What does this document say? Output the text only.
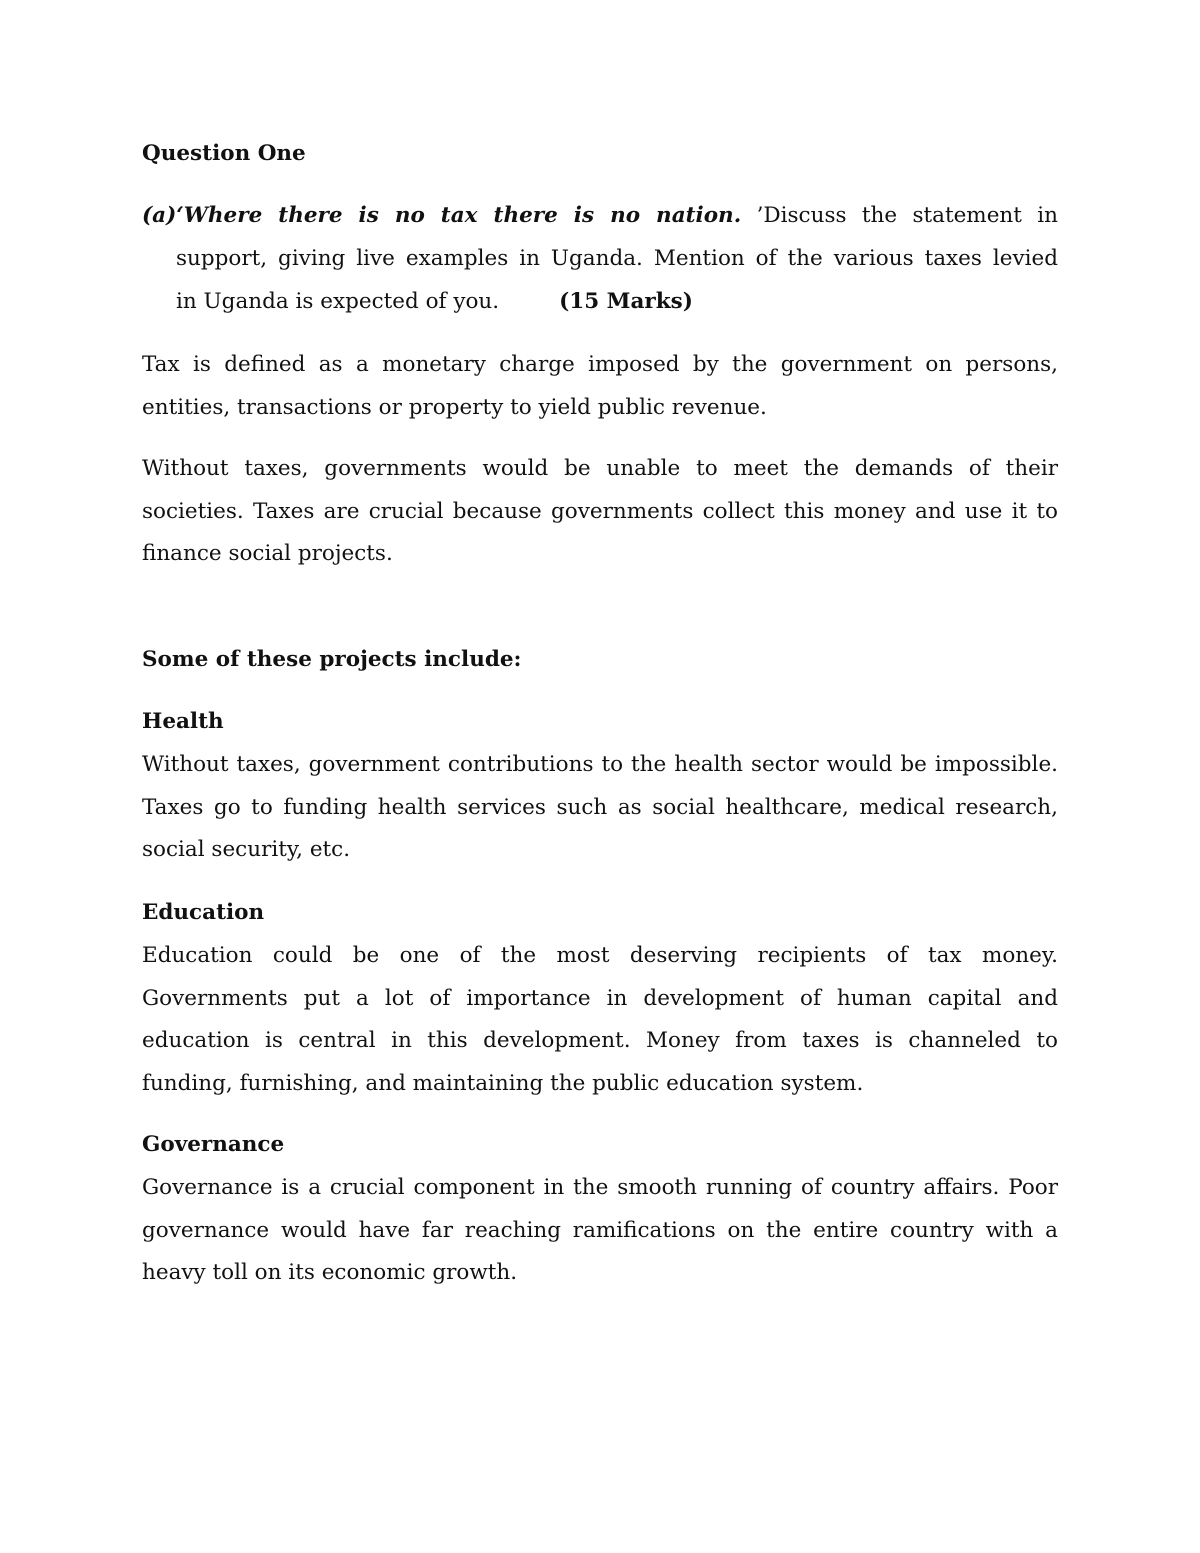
Question One

(a)‘Where there is no tax there is no nation. ’Discuss the statement in
support, giving live examples in Uganda. Mention of the various taxes levied
in Uganda is expected of you.	(15 Marks)

Tax is defined as a monetary charge imposed by the government on persons, entities, transactions or property to yield public revenue.

Without taxes, governments would be unable to meet the demands of their societies. Taxes are crucial because governments collect this money and use it to finance social projects.

Some of these projects include:

Health

Without taxes, government contributions to the health sector would be impossible. Taxes go to funding health services such as social healthcare, medical research, social security, etc.

Education

Education could be one of the most deserving recipients of tax money. Governments put a lot of importance in development of human capital and education is central in this development. Money from taxes is channeled to funding, furnishing, and maintaining the public education system.

Governance

Governance is a crucial component in the smooth running of country affairs. Poor governance would have far reaching ramifications on the entire country with a heavy toll on its economic growth.
